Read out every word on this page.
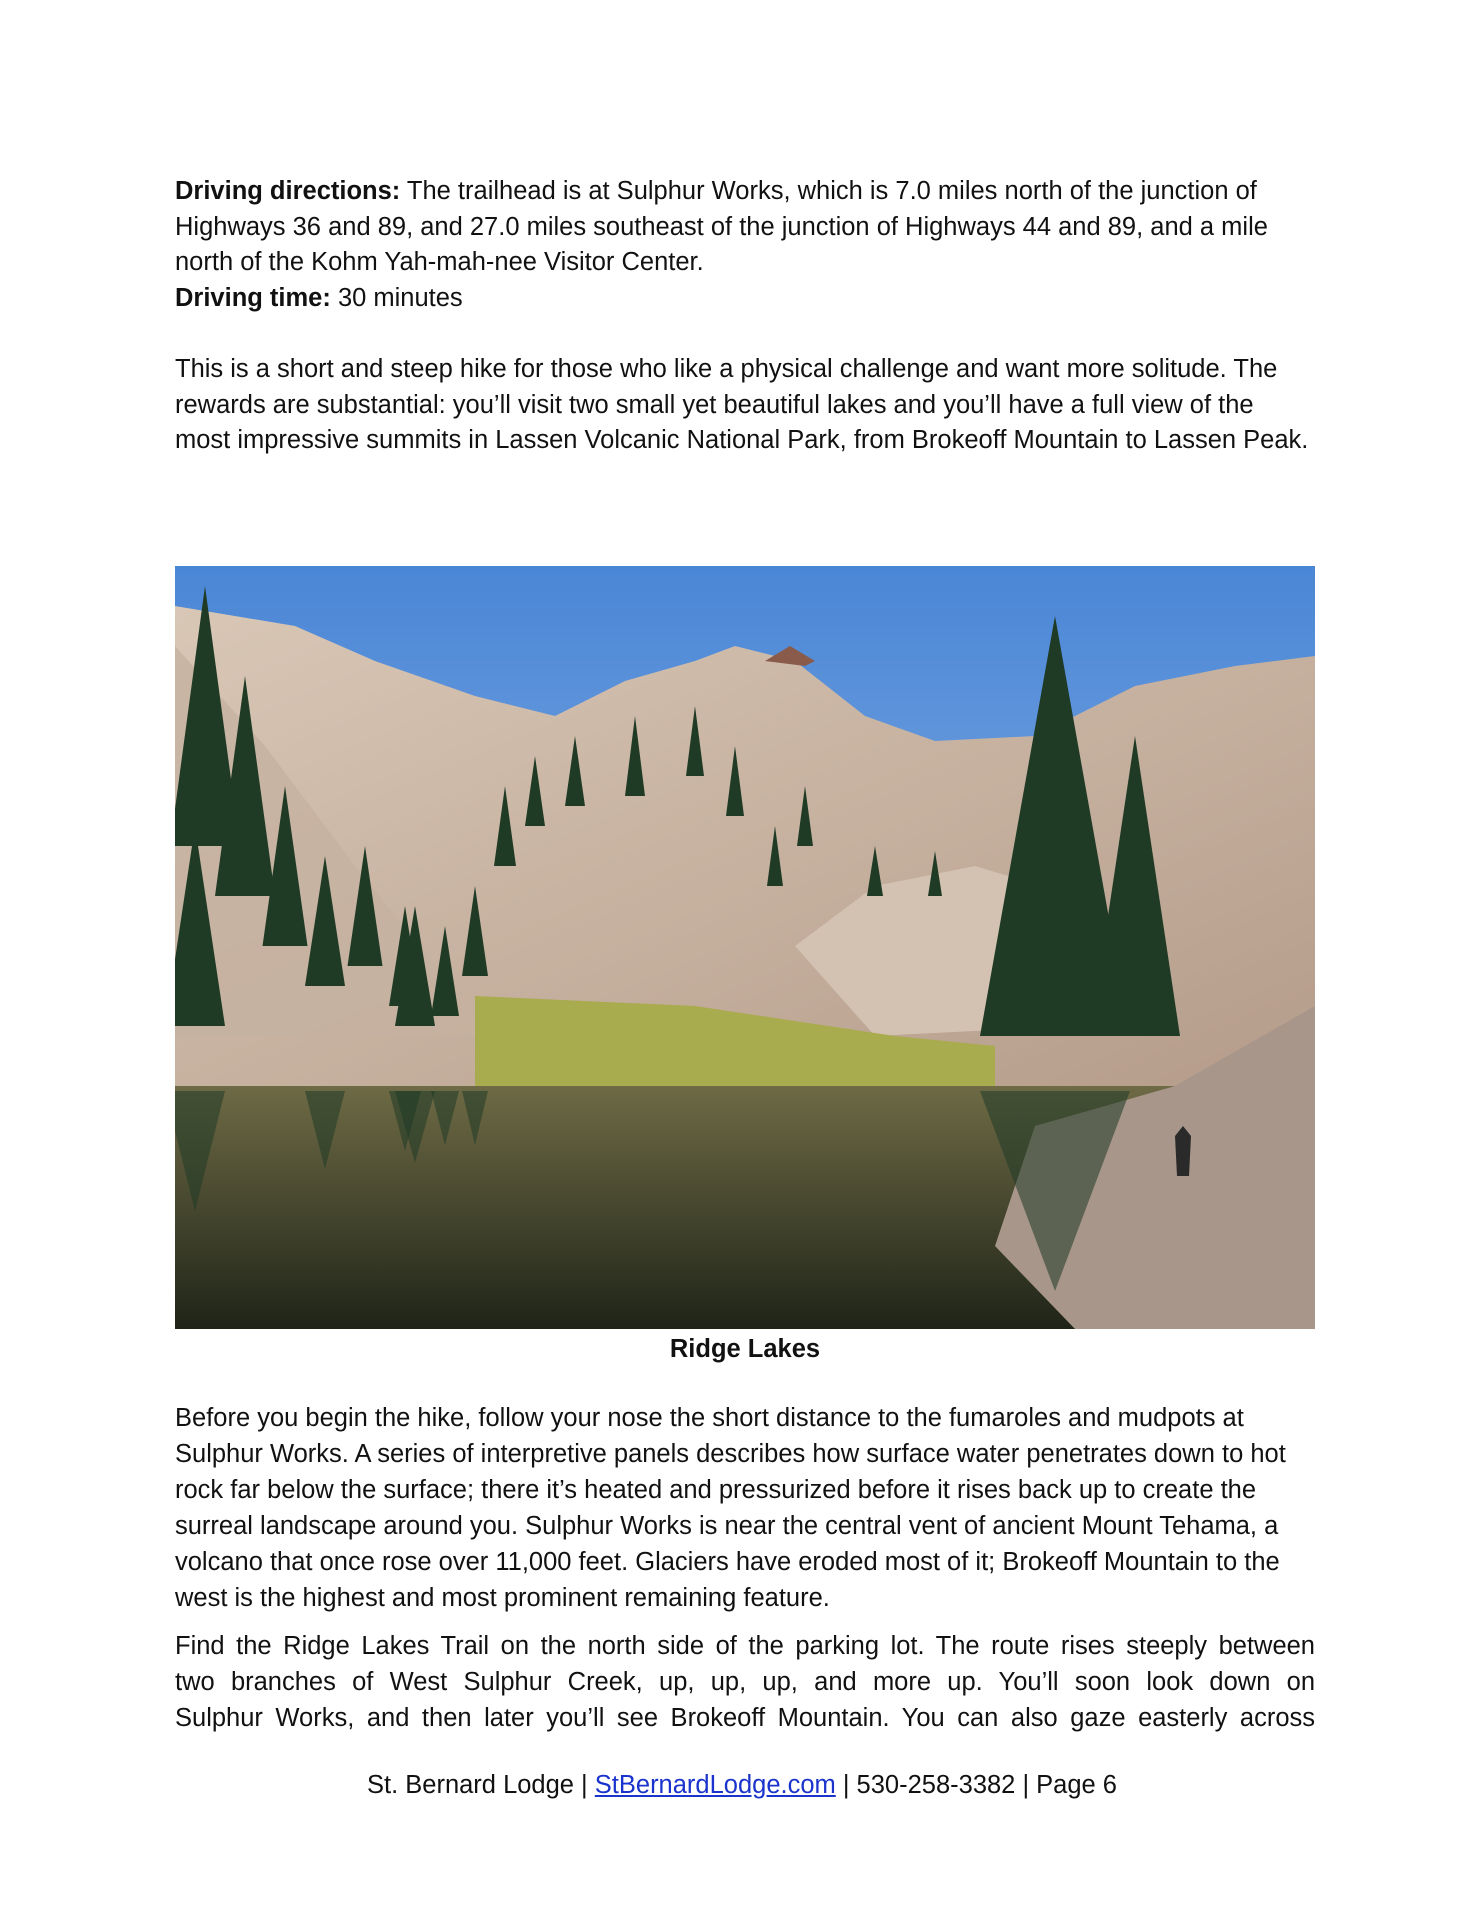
Driving directions: The trailhead is at Sulphur Works, which is 7.0 miles north of the junction of Highways 36 and 89, and 27.0 miles southeast of the junction of Highways 44 and 89, and a mile north of the Kohm Yah-mah-nee Visitor Center.

Driving time: 30 minutes

This is a short and steep hike for those who like a physical challenge and want more solitude. The rewards are substantial: you’ll visit two small yet beautiful lakes and you’ll have a full view of the most impressive summits in Lassen Volcanic National Park, from Brokeoff Mountain to Lassen Peak.

Ridge Lakes

Before you begin the hike, follow your nose the short distance to the fumaroles and mudpots at Sulphur Works. A series of interpretive panels describes how surface water penetrates down to hot rock far below the surface; there it’s heated and pressurized before it rises back up to create the surreal landscape around you. Sulphur Works is near the central vent of ancient Mount Tehama, a volcano that once rose over 11,000 feet. Glaciers have eroded most of it; Brokeoff Mountain to the west is the highest and most prominent remaining feature.

Find the Ridge Lakes Trail on the north side of the parking lot. The route rises steeply between
two branches of West Sulphur Creek, up, up, up, and more up. You’ll soon look down on
Sulphur Works, and then later you’ll see Brokeoff Mountain. You can also gaze easterly across

St. Bernard Lodge | StBernardLodge.com | 530-258-3382 | Page 6
